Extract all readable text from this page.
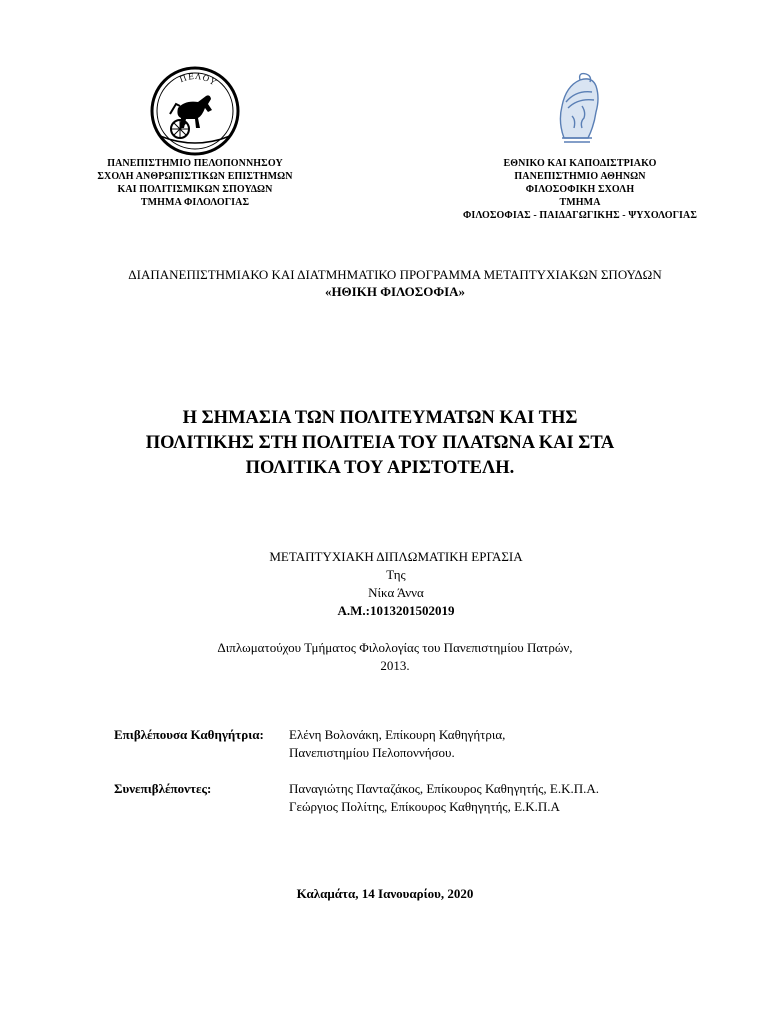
ΠΕΛΟΥ
ΠΑΝΕΠΙΣΤΗΜΙΟ ΠΕΛΟΠΟΝΝΗΣΟΥ
ΣΧΟΛΗ ΑΝΘΡΩΠΙΣΤΙΚΩΝ ΕΠΙΣΤΗΜΩΝ
ΚΑΙ ΠΟΛΙΤΙΣΜΙΚΩΝ ΣΠΟΥΔΩΝ
ΤΜΗΜΑ ΦΙΛΟΛΟΓΙΑΣ
ΕΘΝΙΚΟ ΚΑΙ ΚΑΠΟΔΙΣΤΡΙΑΚΟ
ΠΑΝΕΠΙΣΤΗΜΙΟ ΑΘΗΝΩΝ
ΦΙΛΟΣΟΦΙΚΗ ΣΧΟΛΗ
ΤΜΗΜΑ
ΦΙΛΟΣΟΦΙΑΣ - ΠΑΙΔΑΓΩΓΙΚΗΣ - ΨΥΧΟΛΟΓΙΑΣ
ΔΙΑΠΑΝΕΠΙΣΤΗΜΙΑΚΟ ΚΑΙ ΔΙΑΤΜΗΜΑΤΙΚΟ ΠΡΟΓΡΑΜΜΑ ΜΕΤΑΠΤΥΧΙΑΚΩΝ ΣΠΟΥΔΩΝ
«ΗΘΙΚΗ ΦΙΛΟΣΟΦΙΑ»
Η ΣΗΜΑΣΙΑ ΤΩΝ ΠΟΛΙΤΕΥΜΑΤΩΝ ΚΑΙ ΤΗΣ
ΠΟΛΙΤΙΚΗΣ ΣΤΗ ΠΟΛΙΤΕΙΑ ΤΟΥ ΠΛΑΤΩΝΑ ΚΑΙ ΣΤΑ
ΠΟΛΙΤΙΚΑ ΤΟΥ ΑΡΙΣΤΟΤΕΛΗ.
ΜΕΤΑΠΤΥΧΙΑΚΗ ΔΙΠΛΩΜΑΤΙΚΗ ΕΡΓΑΣΙΑ
Της
Νίκα Άννα
Α.Μ.:1013201502019
Διπλωματούχου Τμήματος Φιλολογίας του Πανεπιστημίου Πατρών,
2013.
Επιβλέπουσα Καθηγήτρια: Ελένη Βολονάκη, Επίκουρη Καθηγήτρια,
Πανεπιστημίου Πελοποννήσου.
Συνεπιβλέποντες:	Παναγιώτης Πανταζάκος, Επίκουρος Καθηγητής, Ε.Κ.Π.Α.
Γεώργιος Πολίτης, Επίκουρος Καθηγητής, Ε.Κ.Π.Α
Καλαμάτα, 14 Ιανουαρίου, 2020
